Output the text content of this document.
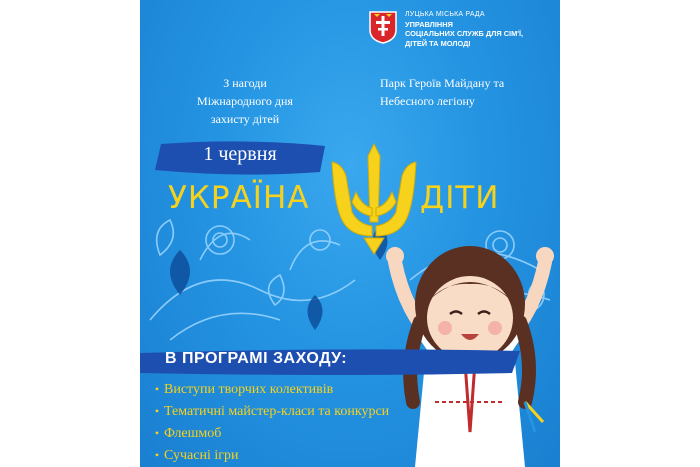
ЛУЦЬКА МІСЬКА РАДА
УПРАВЛІННЯ
СОЦІАЛЬНИХ СЛУЖБ ДЛЯ СІМ'Ї,
ДІТЕЙ ТА МОЛОДІ
З нагоди
Міжнародного дня
захисту дітей
Парк Героїв Майдану та
Небесного легіону
1 червня
УКРАЇНА	ДІТИ
В ПРОГРАМІ ЗАХОДУ:
• Виступи творчих колективів
• Тематичні майстер-класи та конкурси
• Флешмоб
• Сучасні ігри
